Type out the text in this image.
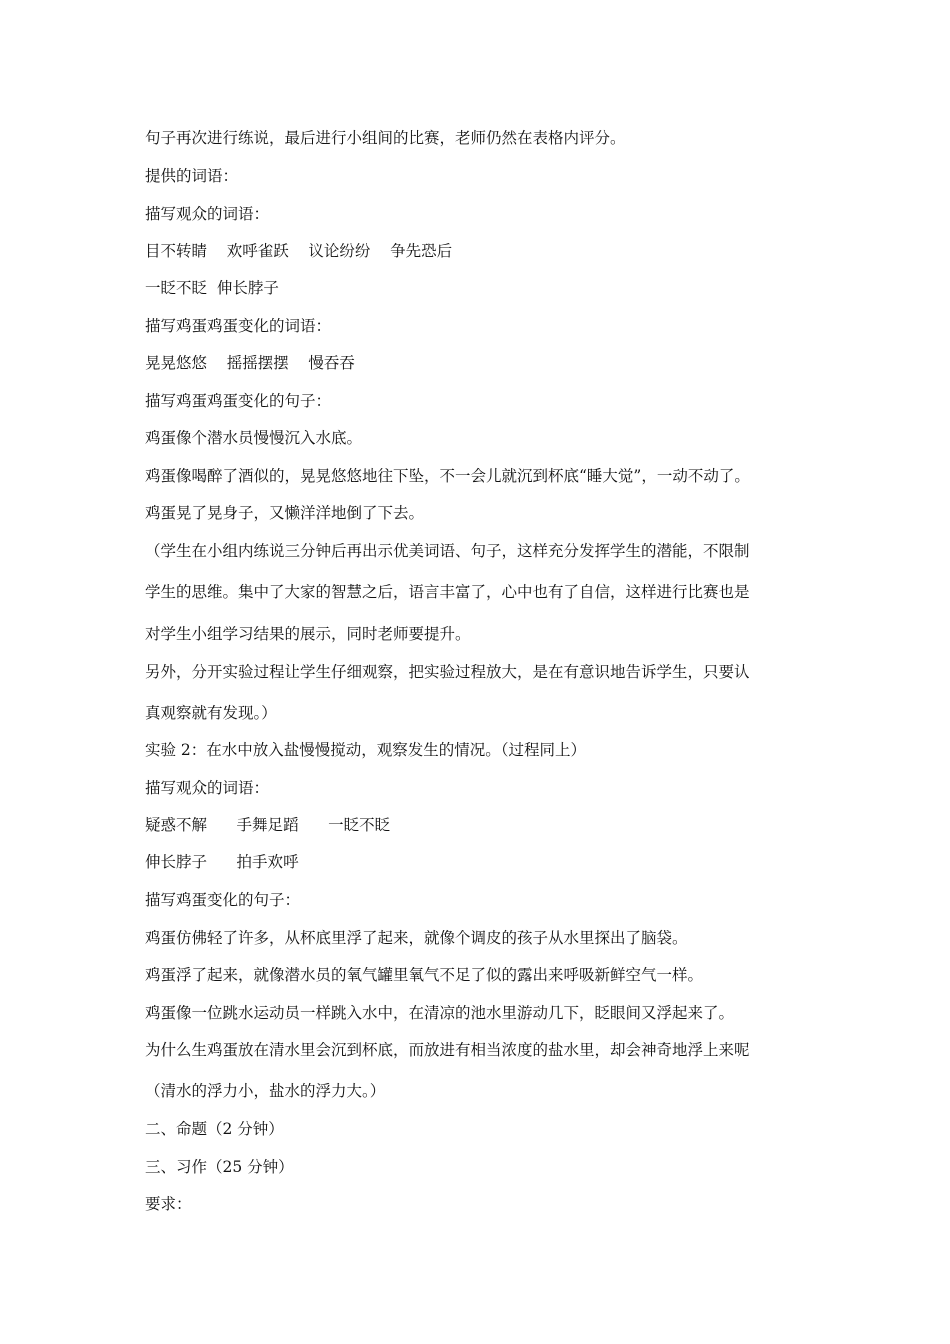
句子再次进行练说，最后进行小组间的比赛，老师仍然在表格内评分。

提供的词语：

描写观众的词语：

目不转睛    欢呼雀跃    议论纷纷    争先恐后

一眨不眨  伸长脖子

描写鸡蛋鸡蛋变化的词语：

晃晃悠悠    摇摇摆摆    慢吞吞

描写鸡蛋鸡蛋变化的句子：

鸡蛋像个潜水员慢慢沉入水底。

鸡蛋像喝醉了酒似的，晃晃悠悠地往下坠，不一会儿就沉到杯底“睡大觉”，一动不动了。

鸡蛋晃了晃身子，又懒洋洋地倒了下去。

（学生在小组内练说三分钟后再出示优美词语、句子，这样充分发挥学生的潜能，不限制

学生的思维。集中了大家的智慧之后，语言丰富了，心中也有了自信，这样进行比赛也是

对学生小组学习结果的展示，同时老师要提升。

另外，分开实验过程让学生仔细观察，把实验过程放大，是在有意识地告诉学生，只要认

真观察就有发现。）

实验 2：在水中放入盐慢慢搅动，观察发生的情况。（过程同上）

描写观众的词语：

疑惑不解      手舞足蹈      一眨不眨

伸长脖子      拍手欢呼

描写鸡蛋变化的句子：

鸡蛋仿佛轻了许多，从杯底里浮了起来，就像个调皮的孩子从水里探出了脑袋。

鸡蛋浮了起来，就像潜水员的氧气罐里氧气不足了似的露出来呼吸新鲜空气一样。

鸡蛋像一位跳水运动员一样跳入水中，在清凉的池水里游动几下，眨眼间又浮起来了。

为什么生鸡蛋放在清水里会沉到杯底，而放进有相当浓度的盐水里，却会神奇地浮上来呢

（清水的浮力小，盐水的浮力大。）

二、命题（2 分钟）

三、习作（25 分钟）

要求：
